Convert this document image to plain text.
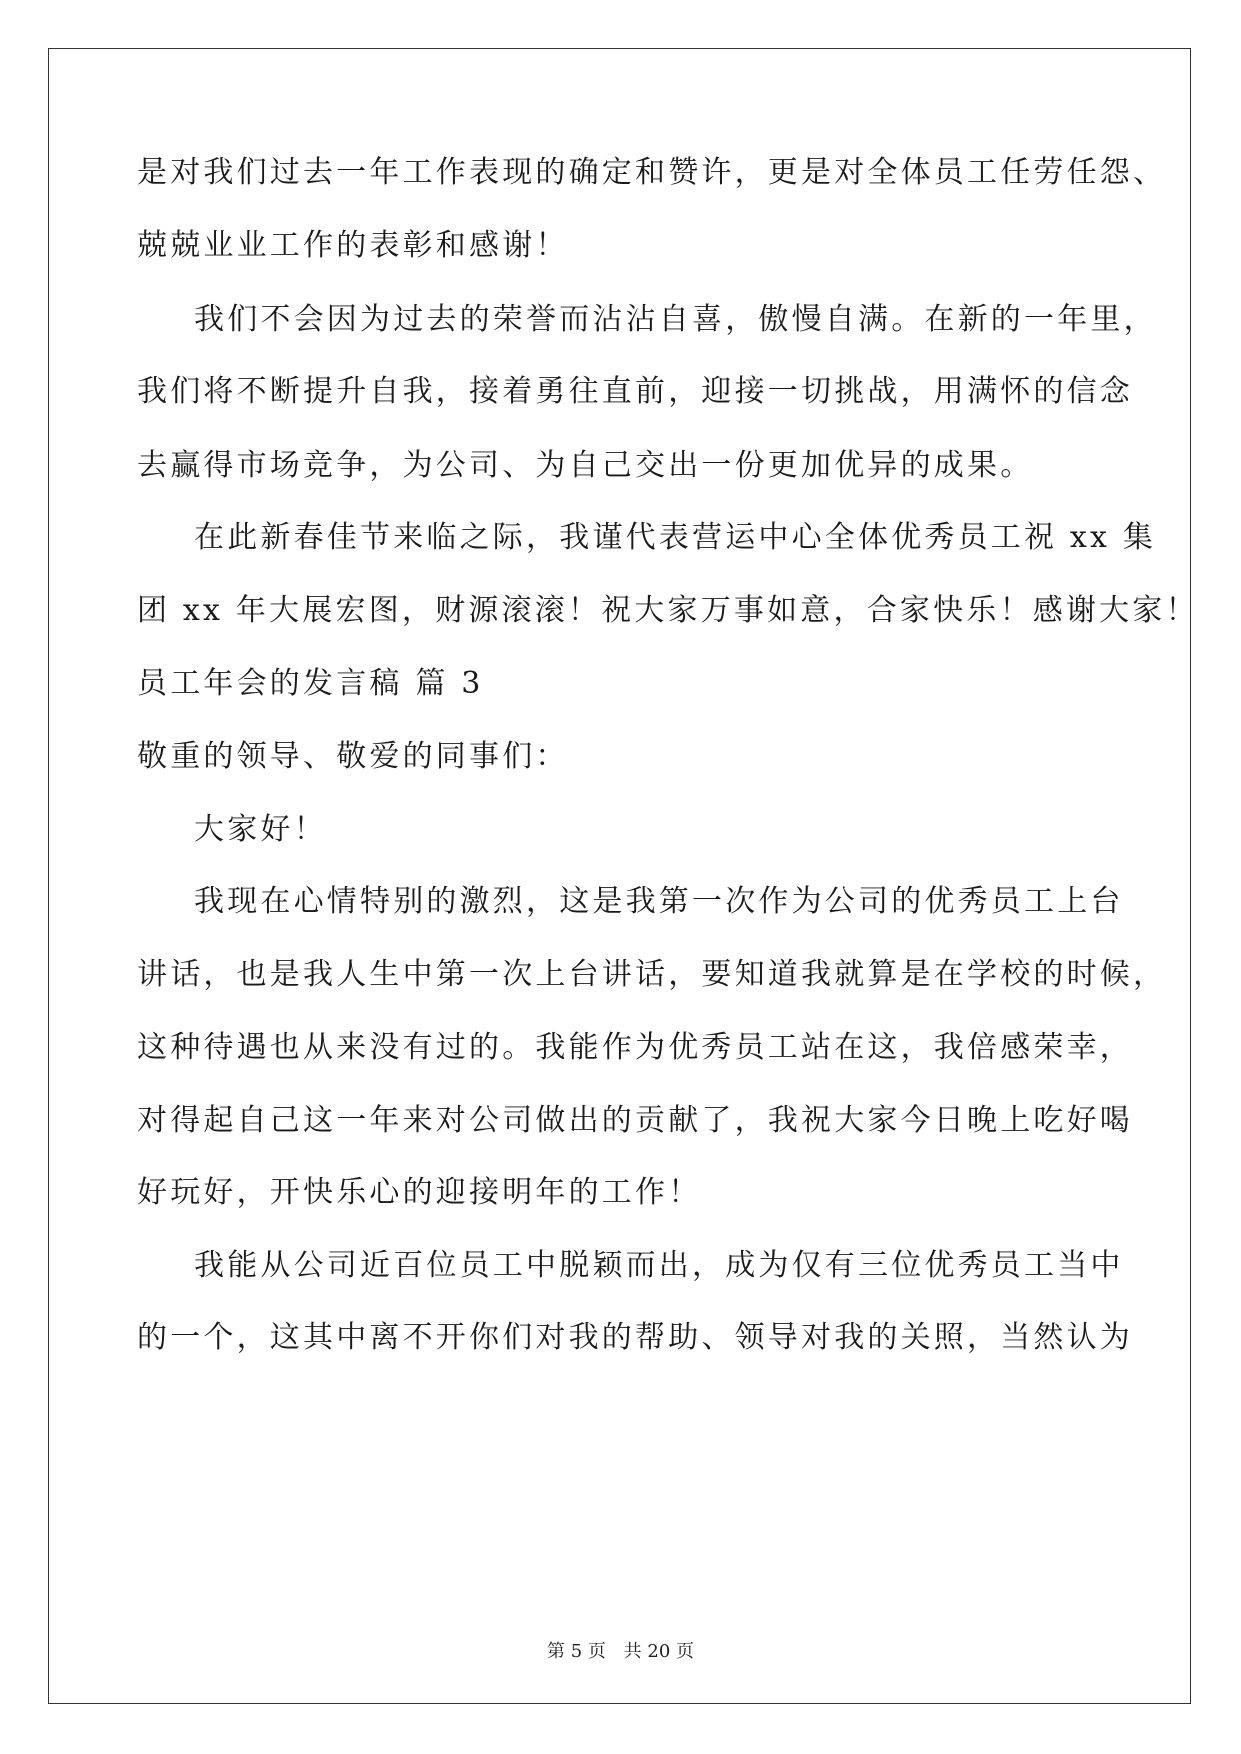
是对我们过去一年工作表现的确定和赞许，更是对全体员工任劳任怨、
兢兢业业工作的表彰和感谢！
我们不会因为过去的荣誉而沾沾自喜，傲慢自满。在新的一年里，
我们将不断提升自我，接着勇往直前，迎接一切挑战，用满怀的信念
去赢得市场竞争，为公司、为自己交出一份更加优异的成果。
在此新春佳节来临之际，我谨代表营运中心全体优秀员工祝 xx 集
团 xx 年大展宏图，财源滚滚！祝大家万事如意，合家快乐！感谢大家！
员工年会的发言稿 篇 3
敬重的领导、敬爱的同事们：
大家好！
我现在心情特别的激烈，这是我第一次作为公司的优秀员工上台
讲话，也是我人生中第一次上台讲话，要知道我就算是在学校的时候，
这种待遇也从来没有过的。我能作为优秀员工站在这，我倍感荣幸，
对得起自己这一年来对公司做出的贡献了，我祝大家今日晚上吃好喝
好玩好，开快乐心的迎接明年的工作！
我能从公司近百位员工中脱颖而出，成为仅有三位优秀员工当中
的一个，这其中离不开你们对我的帮助、领导对我的关照，当然认为
第 5 页 共 20 页
